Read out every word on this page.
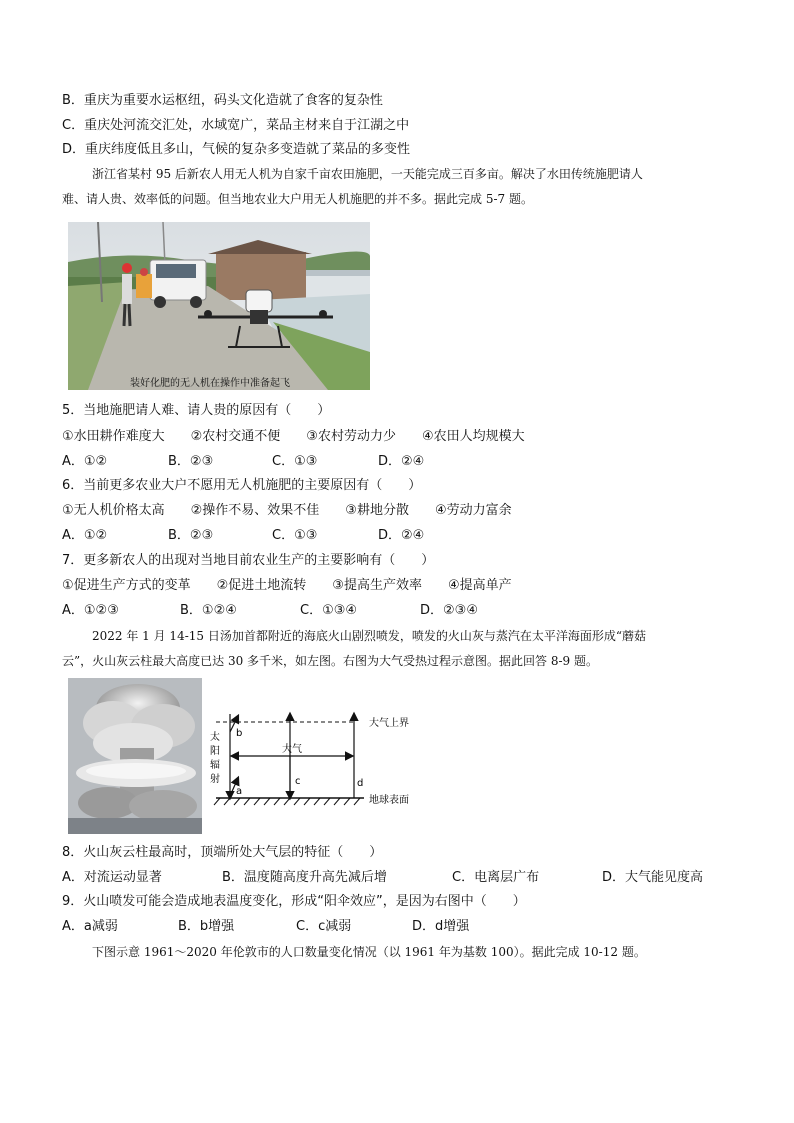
B．重庆为重要水运枢纽，码头文化造就了食客的复杂性
C．重庆处河流交汇处，水域宽广，菜品主材来自于江湖之中
D．重庆纬度低且多山，气候的复杂多变造就了菜品的多变性
浙江省某村 95 后新农人用无人机为自家千亩农田施肥，一天能完成三百多亩。解决了水田传统施肥请人
难、请人贵、效率低的问题。但当地农业大户用无人机施肥的并不多。据此完成 5-7 题。
装好化肥的无人机在操作中准备起飞
5．当地施肥请人难、请人贵的原因有（　　）
①水田耕作难度大　　②农村交通不便　　③农村劳动力少　　④农田人均规模大
A．①②	B．②③	C．①③	D．②④
6．当前更多农业大户不愿用无人机施肥的主要原因有（　　）
①无人机价格太高　　②操作不易、效果不佳　　③耕地分散　　④劳动力富余
A．①②	B．②③	C．①③	D．②④
7．更多新农人的出现对当地目前农业生产的主要影响有（　　）
①促进生产方式的变革　　②促进土地流转　　③提高生产效率　　④提高单产
A．①②③	B．①②④	C．①③④	D．②③④
2022 年 1 月 14-15 日汤加首都附近的海底火山剧烈喷发，喷发的火山灰与蒸汽在太平洋海面形成“蘑菇
云”，火山灰云柱最大高度已达 30 多千米，如左图。右图为大气受热过程示意图。据此回答 8-9 题。
大气上界
地球表面
大气
太
阳
辐
射
a
b
c	d
8．火山灰云柱最高时，顶端所处大气层的特征（　　）
A．对流运动显著	B．温度随高度升高先减后增	C．电离层广布	D．大气能见度高
9．火山喷发可能会造成地表温度变化，形成“阳伞效应”，是因为右图中（　　）
A．a减弱	B．b增强	C．c减弱	D．d增强
下图示意 1961～2020 年伦敦市的人口数量变化情况（以 1961 年为基数 100）。据此完成 10-12 题。
